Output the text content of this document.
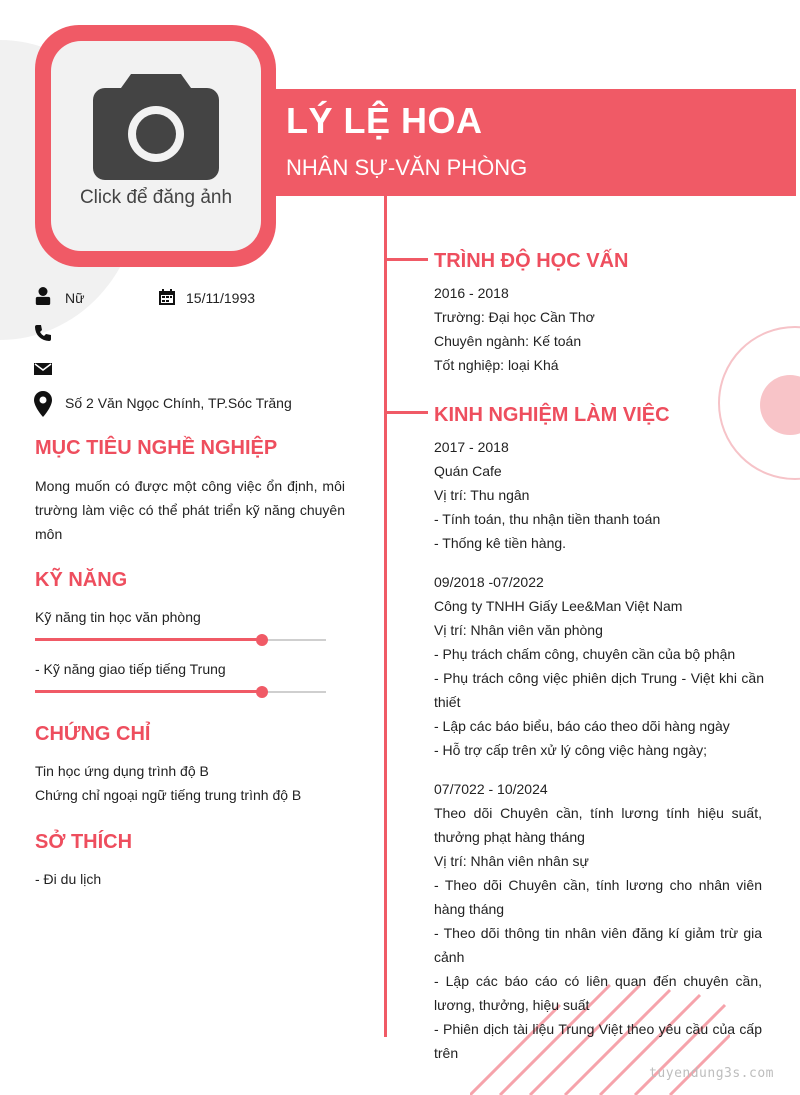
LÝ LỆ HOA
NHÂN SỰ-VĂN PHÒNG
Click để đăng ảnh
Nữ	15/11/1993
Số 2 Văn Ngọc Chính, TP.Sóc Trăng
MỤC TIÊU NGHỀ NGHIỆP
Mong muốn có được một công việc ổn định, môi trường làm việc có thể phát triển kỹ năng chuyên môn
KỸ NĂNG
Kỹ năng tin học văn phòng
- Kỹ năng giao tiếp tiếng Trung
CHỨNG CHỈ
Tin học ứng dụng trình độ B
Chứng chỉ ngoại ngữ tiếng trung trình độ B
SỞ THÍCH
- Đi du lịch
TRÌNH ĐỘ HỌC VẤN
2016 - 2018
Trường: Đại học Cần Thơ
Chuyên ngành: Kế toán
Tốt nghiệp: loại Khá
KINH NGHIỆM LÀM VIỆC
2017 - 2018
Quán Cafe
Vị trí: Thu ngân
- Tính toán, thu nhận tiền thanh toán
- Thống kê tiền hàng.
09/2018 -07/2022
Công ty TNHH Giấy Lee&Man Việt Nam
Vị trí: Nhân viên văn phòng
- Phụ trách chấm công, chuyên cần của bộ phận
- Phụ trách công việc phiên dịch Trung - Việt khi cần thiết
- Lập các báo biểu, báo cáo theo dõi hàng ngày
- Hỗ trợ cấp trên xử lý công việc hàng ngày;
07/7022 - 10/2024
Theo dõi Chuyên cần, tính lương tính hiệu suất, thưởng phạt hàng tháng
Vị trí: Nhân viên nhân sự
- Theo dõi Chuyên cần, tính lương cho nhân viên hàng tháng
- Theo dõi thông tin nhân viên đăng kí giảm trừ gia cảnh
- Lập các báo cáo có liên quan đến chuyên cần, lương, thưởng, hiệu suất
- Phiên dịch tài liệu Trung Việt theo yêu cầu của cấp trên
tuyendung3s.com
